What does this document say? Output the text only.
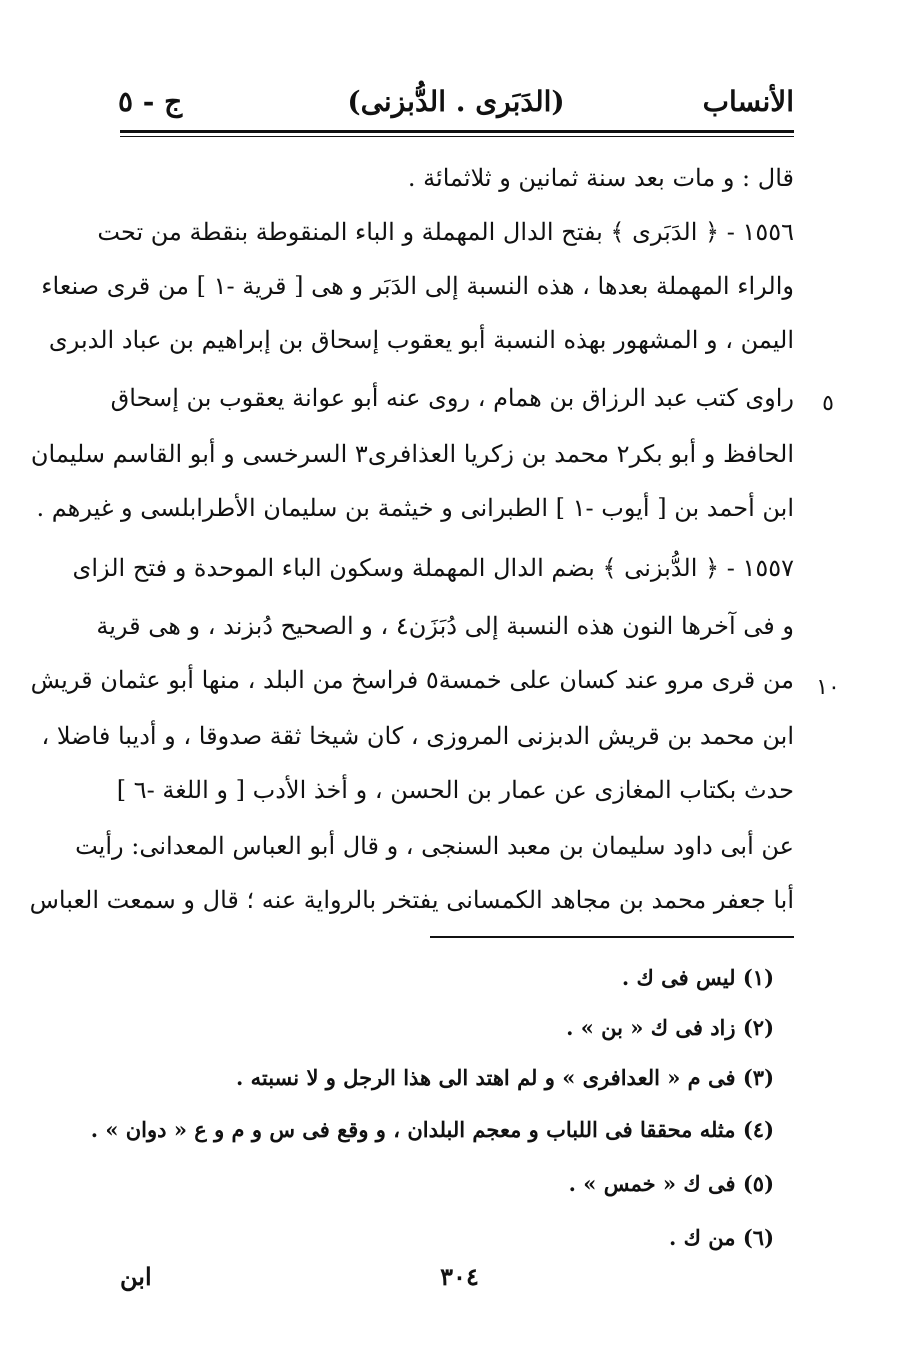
الأنساب
(الدَبَرى . الدُّبزنى)
ج - ٥
قال : و مات بعد سنة ثمانين و ثلاثمائة .
١٥٥٦ - ﴿ الدَبَرى ﴾ بفتح الدال المهملة و الباء المنقوطة بنقطة من تحت
والراء المهملة بعدها ، هذه النسبة إلى الدَبَر و هى [ قرية -١ ] من قرى صنعاء
اليمن ، و المشهور بهذه النسبة أبو يعقوب إسحاق بن إبراهيم بن عباد الدبرى
راوى كتب عبد الرزاق بن همام ، روى عنه أبو عوانة يعقوب بن إسحاق	٥
الحافظ و أبو بكر٢ محمد بن زكريا العذافرى٣ السرخسى و أبو القاسم سليمان
ابن أحمد بن [ أيوب -١ ] الطبرانى و خيثمة بن سليمان الأطرابلسى و غيرهم .
١٥٥٧ - ﴿ الدُّبزنى ﴾ بضم الدال المهملة وسكون الباء الموحدة و فتح الزاى
و فى آخرها النون هذه النسبة إلى دُبَزَن٤ ، و الصحيح دُبزند ، و هى قرية
من قرى مرو عند كسان على خمسة٥ فراسخ من البلد ، منها أبو عثمان قريش	١٠
ابن محمد بن قريش الدبزنى المروزى ، كان شيخا ثقة صدوقا ، و أديبا فاضلا ،
حدث بكتاب المغازى عن عمار بن الحسن ، و أخذ الأدب [ و اللغة -٦ ]
عن أبى داود سليمان بن معبد السنجى ، و قال أبو العباس المعدانى: رأيت
أبا جعفر محمد بن مجاهد الكمسانى يفتخر بالرواية عنه ؛ قال و سمعت العباس
(١) ليس فى ك .
(٢) زاد فى ك « بن » .
(٣) فى م « العدافرى » و لم اهتد الى هذا الرجل و لا نسبته .
(٤) مثله محققا فى اللباب و معجم البلدان ، و وقع فى س و م و ع « دوان » .
(٥) فى ك « خمس » .
(٦) من ك .
٣٠٤
ابن
